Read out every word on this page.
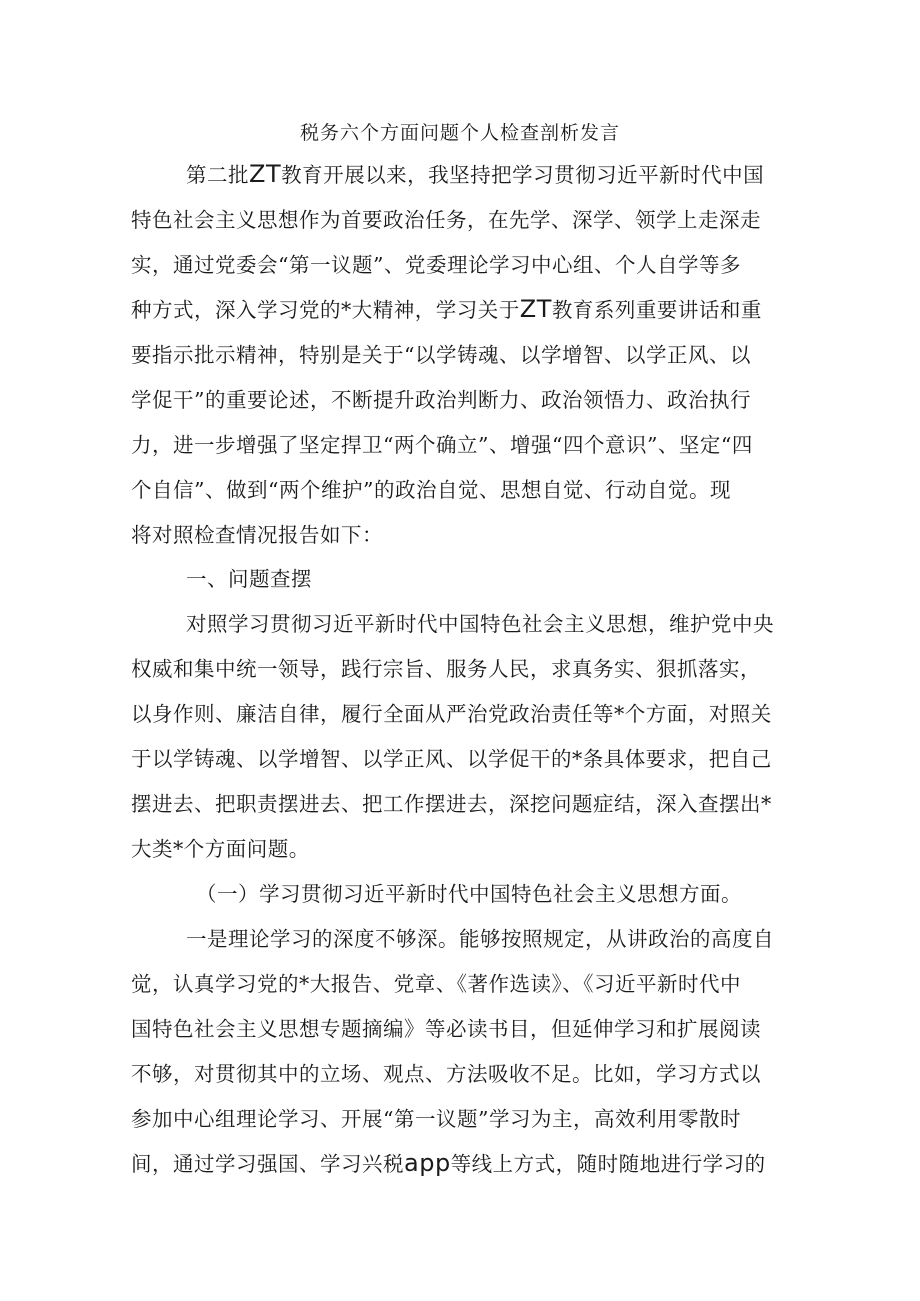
税务六个方面问题个人检查剖析发言
第二批ZT教育开展以来，我坚持把学习贯彻习近平新时代中国
特色社会主义思想作为首要政治任务，在先学、深学、领学上走深走
实，通过党委会“第一议题”、党委理论学习中心组、个人自学等多
种方式，深入学习党的*大精神，学习关于ZT教育系列重要讲话和重
要指示批示精神，特别是关于“以学铸魂、以学增智、以学正风、以
学促干”的重要论述，不断提升政治判断力、政治领悟力、政治执行
力，进一步增强了坚定捍卫“两个确立”、增强“四个意识”、坚定“四
个自信”、做到“两个维护”的政治自觉、思想自觉、行动自觉。现
将对照检查情况报告如下：
一、问题查摆
对照学习贯彻习近平新时代中国特色社会主义思想，维护党中央
权威和集中统一领导，践行宗旨、服务人民，求真务实、狠抓落实，
以身作则、廉洁自律，履行全面从严治党政治责任等*个方面，对照关
于以学铸魂、以学增智、以学正风、以学促干的*条具体要求，把自己
摆进去、把职责摆进去、把工作摆进去，深挖问题症结，深入查摆出*
大类*个方面问题。
（一）学习贯彻习近平新时代中国特色社会主义思想方面。
一是理论学习的深度不够深。能够按照规定，从讲政治的高度自
觉，认真学习党的*大报告、党章、《著作选读》、《习近平新时代中
国特色社会主义思想专题摘编》等必读书目，但延伸学习和扩展阅读
不够，对贯彻其中的立场、观点、方法吸收不足。比如，学习方式以
参加中心组理论学习、开展“第一议题”学习为主，高效利用零散时
间，通过学习强国、学习兴税app等线上方式，随时随地进行学习的
